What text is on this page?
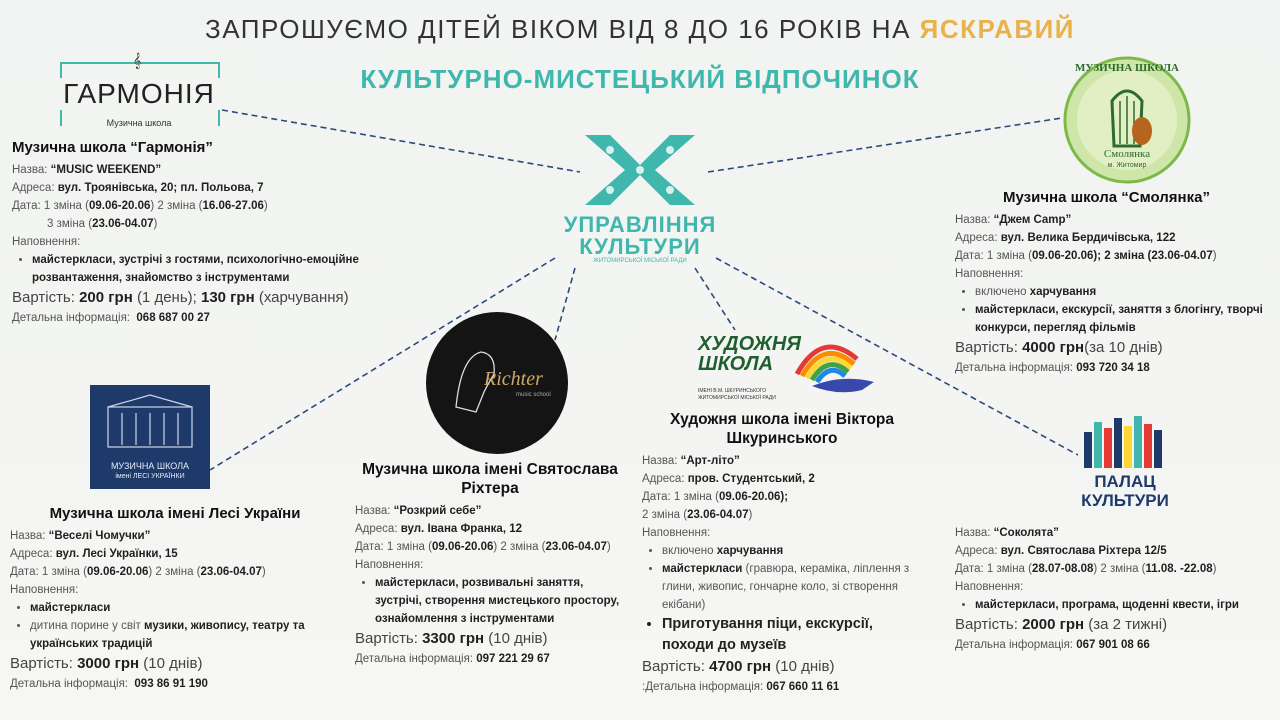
ЗАПРОШУЄМО ДІТЕЙ ВІКОМ ВІД 8 ДО 16 РОКІВ НА ЯСКРАВИЙ
КУЛЬТУРНО-МИСТЕЦЬКИЙ ВІДПОЧИНОК
УПРАВЛІННЯ
КУЛЬТУРИ
ЖИТОМИРСЬКОЇ МІСЬКОЇ РАДИ
ГАРМОНІЯ
Музична школа
𝄞	МУЗИЧНА ШКОЛА
Смолянка
м. Житомир
МУЗИЧНА ШКОЛА
імені ЛЕСІ УКРАЇНКИ
Richter
music school
ХУДОЖНЯ
ШКОЛА
ІМЕНІ В.М. ШКУРИНСЬКОГО ЖИТОМИРСЬКОЇ МІСЬКОЇ РАДИ
ПАЛАЦ
КУЛЬТУРИ
Музична школа “Гармонія”
Назва: “MUSIC WEEKEND”
Адреса: вул. Троянівська, 20; пл. Польова, 7
Дата: 1 зміна (09.06-20.06) 2 зміна (16.06-27.06)
3 зміна (23.06-04.07)
Наповнення:
• майстеркласи, зустрічі з гостями, психологічно-емоційне розвантаження, знайомство з інструментами
Вартість: 200 грн (1 день); 130 грн (харчування)
Детальна інформація: 068 687 00 27
Музична школа “Смолянка”
Назва: “Джем Camp”
Адреса: вул. Велика Бердичівська, 122
Дата: 1 зміна (09.06-20.06); 2 зміна (23.06-04.07)
Наповнення:
• включено харчування
• майстеркласи, екскурсії, заняття з блогінгу, творчі конкурси, перегляд фільмів
Вартість: 4000 грн(за 10 днів)
Детальна інформація: 093 720 34 18
Музична школа імені Лесі України
Назва: “Веселі Чомучки”
Адреса: вул. Лесі Українки, 15
Дата: 1 зміна (09.06-20.06) 2 зміна (23.06-04.07)
Наповнення:
• майстеркласи
• дитина порине у світ музики, живопису, театру та українських традицій
Вартість: 3000 грн (10 днів)
Детальна інформація: 093 86 91 190
Музична школа імені Святослава Ріхтера
Назва: “Розкрий себе”
Адреса: вул. Івана Франка, 12
Дата: 1 зміна (09.06-20.06) 2 зміна (23.06-04.07)
Наповнення:
• майстеркласи, розвивальні заняття, зустрічі, створення мистецького простору, ознайомлення з інструментами
Вартість: 3300 грн (10 днів)
Детальна інформація: 097 221 29 67
Художня школа імені Віктора Шкуринського
Назва: “Арт-літо”
Адреса: пров. Студентський, 2
Дата: 1 зміна (09.06-20.06);
2 зміна (23.06-04.07)
Наповнення:
• включено харчування
• майстеркласи (гравюра, кераміка, ліплення з глини, живопис, гончарне коло, зі створення екібани)
• Приготування піци, екскурсії, походи до музеїв
Вартість: 4700 грн (10 днів)
:Детальна інформація: 067 660 11 61
Назва: “Соколята”
Адреса: вул. Святослава Ріхтера 12/5
Дата: 1 зміна (28.07-08.08) 2 зміна (11.08. -22.08)
Наповнення:
• майстеркласи, програма, щоденні квести, ігри
Вартість: 2000 грн (за 2 тижні)
Детальна інформація: 067 901 08 66
